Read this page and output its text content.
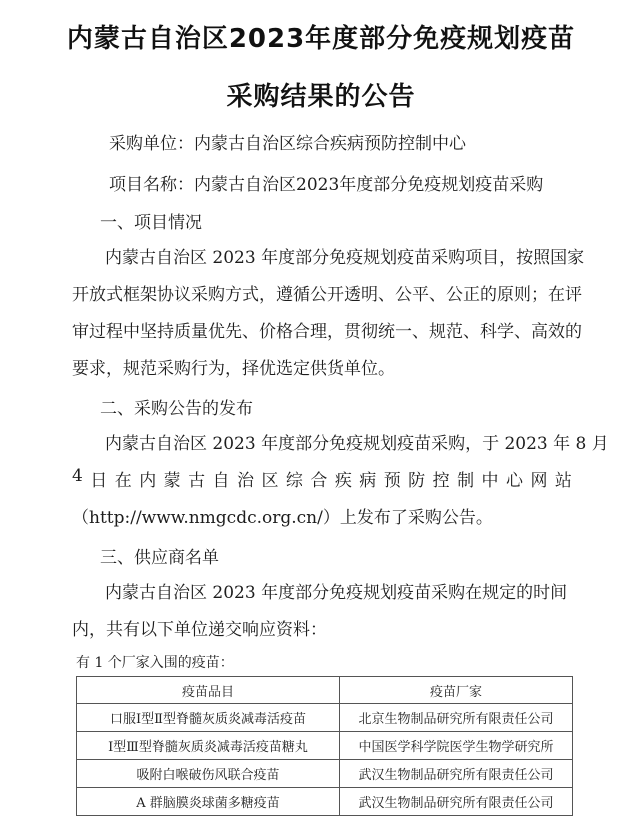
内蒙古自治区2023年度部分免疫规划疫苗
采购结果的公告
采购单位：内蒙古自治区综合疾病预防控制中心
项目名称：内蒙古自治区2023年度部分免疫规划疫苗采购
一、项目情况
内蒙古自治区 2023 年度部分免疫规划疫苗采购项目，按照国家
开放式框架协议采购方式，遵循公开透明、公平、公正的原则；在评
审过程中坚持质量优先、价格合理，贯彻统一、规范、科学、高效的
要求，规范采购行为，择优选定供货单位。
二、采购公告的发布
内蒙古自治区 2023 年度部分免疫规划疫苗采购，于 2023 年 8 月
4 日 在 内 蒙 古 自 治 区 综 合 疾 病 预 防 控 制 中 心 网 站
（http://www.nmgcdc.org.cn/）上发布了采购公告。
三、供应商名单
内蒙古自治区 2023 年度部分免疫规划疫苗采购在规定的时间
内，共有以下单位递交响应资料：
有 1 个厂家入围的疫苗：
疫苗品目	疫苗厂家
口服Ⅰ型Ⅱ型脊髓灰质炎减毒活疫苗	北京生物制品研究所有限责任公司
Ⅰ型Ⅲ型脊髓灰质炎减毒活疫苗糖丸	中国医学科学院医学生物学研究所
吸附白喉破伤风联合疫苗	武汉生物制品研究所有限责任公司
A 群脑膜炎球菌多糖疫苗	武汉生物制品研究所有限责任公司
